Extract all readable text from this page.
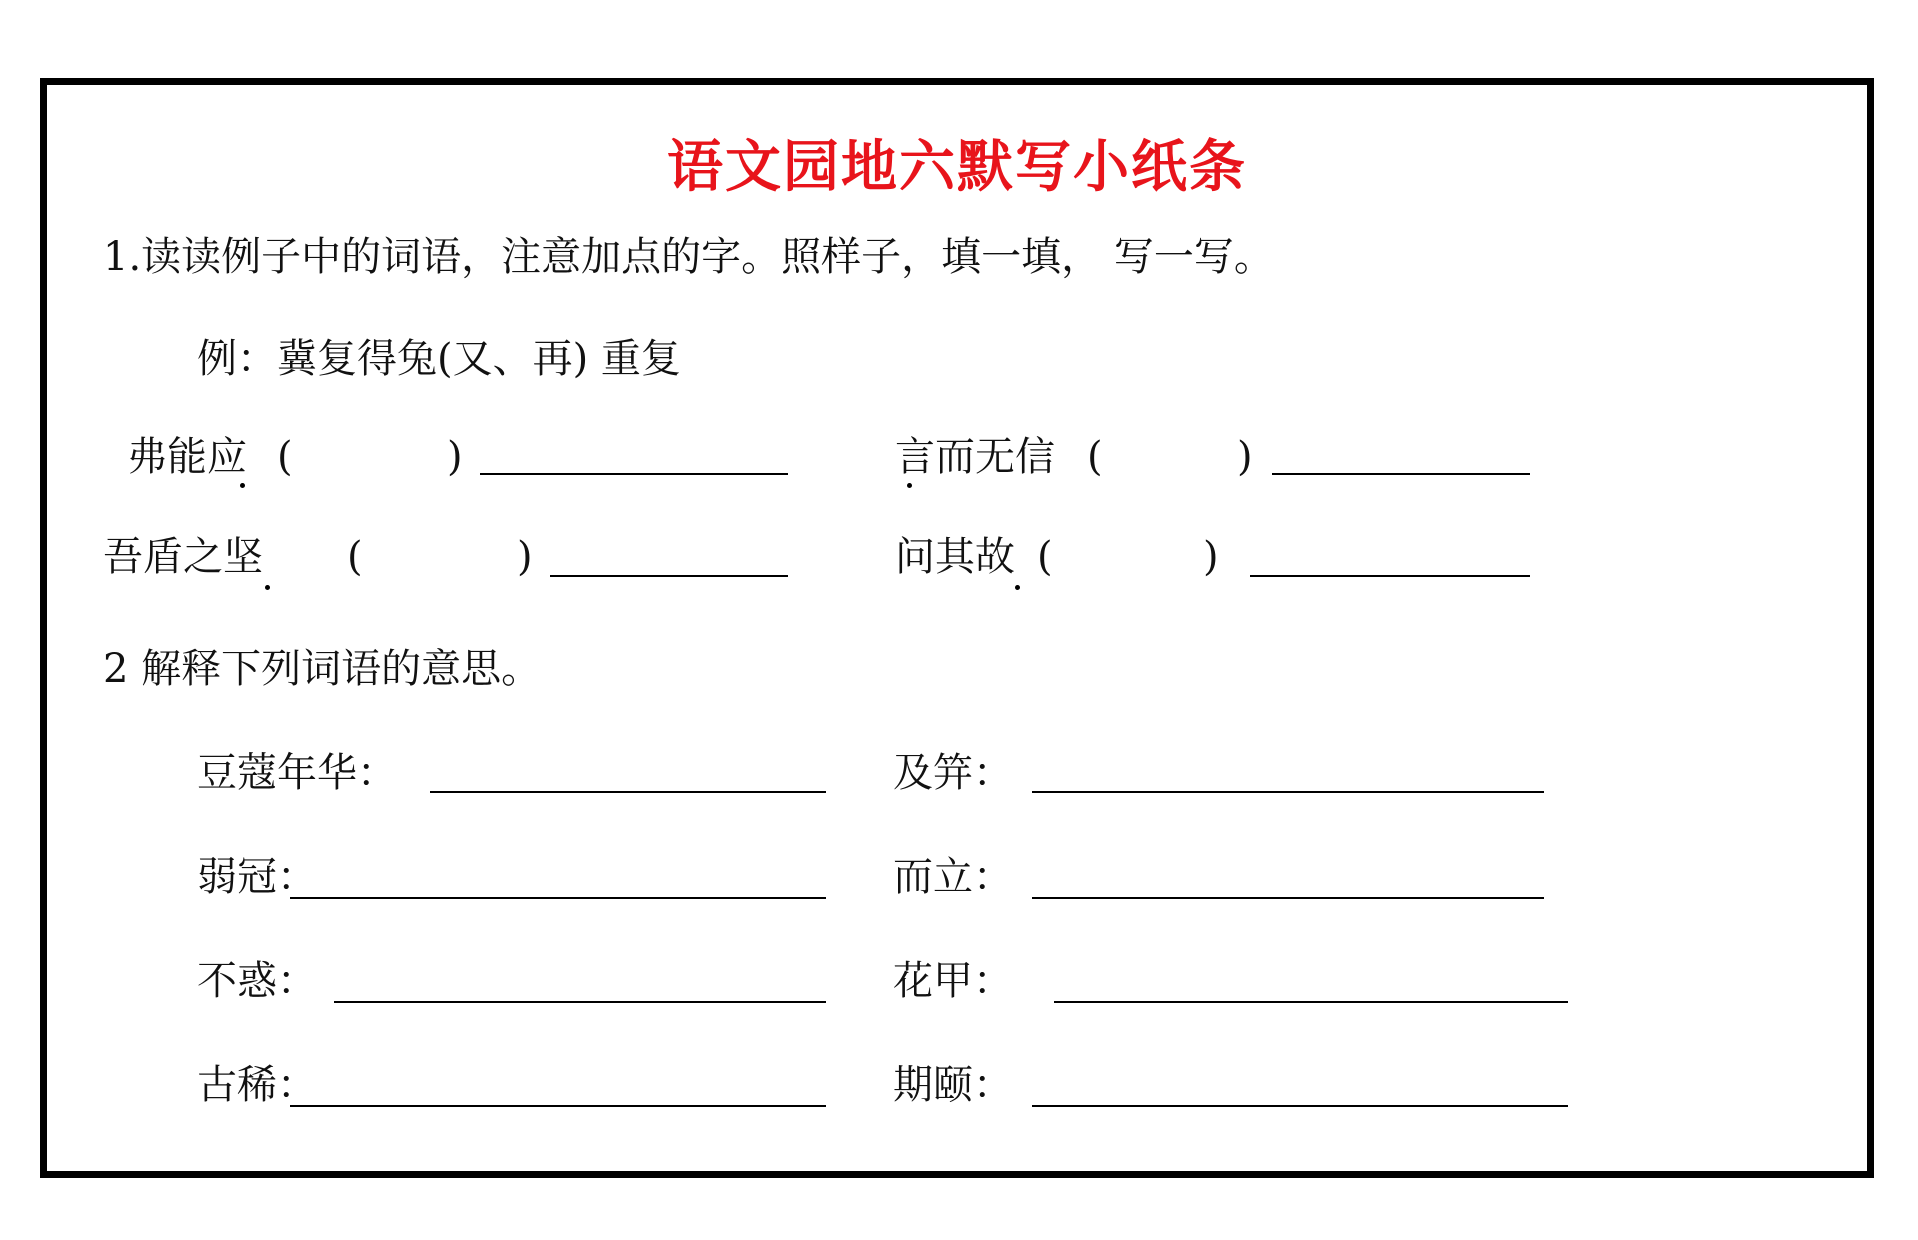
语文园地六默写小纸条
1.读读例子中的词语，注意加点的字。照样子，填一填， 写一写。
例：冀复得兔(又、再) 重复
弗能应 (	)	言而无信 (	)
吾盾之坚 (	)	问其故 (	)
2 解释下列词语的意思。
豆蔻年华：	及笄：
弱冠：	而立：
不惑：	花甲：
古稀：	期颐：
